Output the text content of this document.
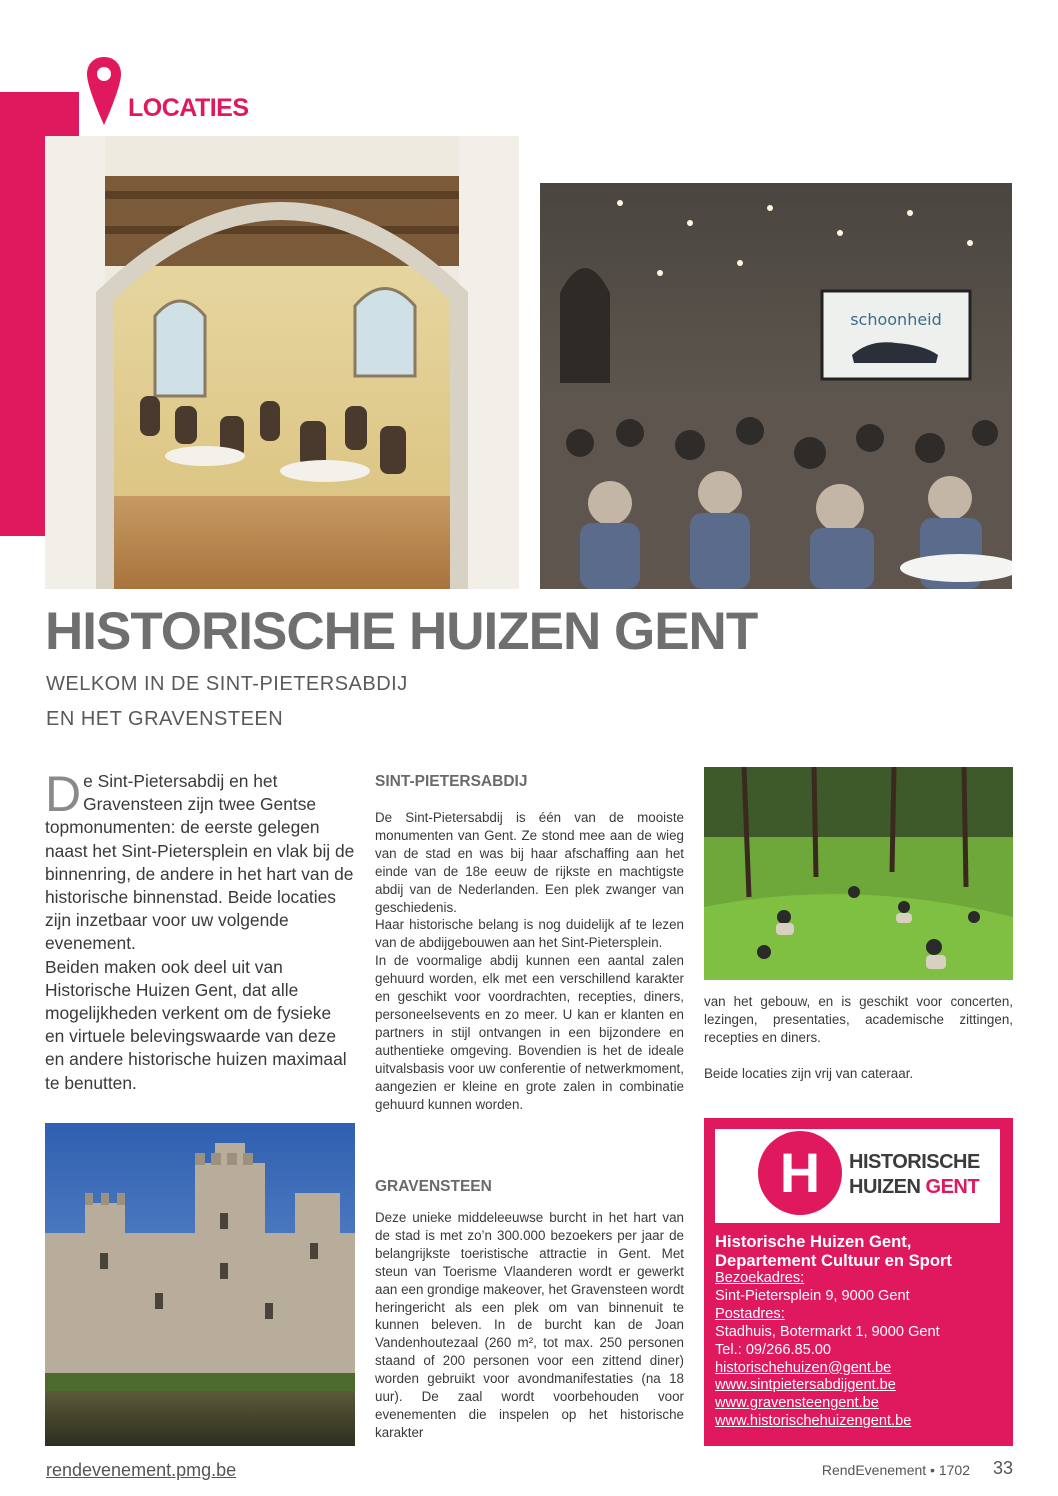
LOCATIES
schoonheid
HISTORISCHE HUIZEN GENT
WELKOM IN DE SINT-PIETERSABDIJ
EN HET GRAVENSTEEN
De Sint-Pietersabdij en het Gravensteen zijn twee Gentse topmonumenten: de eerste gelegen naast het Sint-Pietersplein en vlak bij de binnenring, de andere in het hart van de historische binnenstad. Beide locaties zijn inzetbaar voor uw volgende evenement.
Beiden maken ook deel uit van Historische Huizen Gent, dat alle mogelijkheden verkent om de fysieke en virtuele belevingswaarde van deze en andere historische huizen maximaal te benutten.
SINT-PIETERSABDIJ

De Sint-Pietersabdij is één van de mooiste monumenten van Gent. Ze stond mee aan de wieg van de stad en was bij haar afschaffing aan het einde van de 18e eeuw de rijkste en machtigste abdij van de Nederlanden. Een plek zwanger van geschiedenis.

Haar historische belang is nog duidelijk af te lezen van de abdijgebouwen aan het Sint-Pietersplein.

In de voormalige abdij kunnen een aantal zalen gehuurd worden, elk met een verschillend karakter en geschikt voor voordrachten, recepties, diners, personeelsevents en zo meer. U kan er klanten en partners in stijl ontvangen in een bijzondere en authentieke omgeving. Bovendien is het de ideale uitvalsbasis voor uw conferentie of netwerkmoment, aangezien er kleine en grote zalen in combinatie gehuurd kunnen worden.

GRAVENSTEEN

Deze unieke middeleeuwse burcht in het hart van de stad is met zo’n 300.000 bezoekers per jaar de belangrijkste toeristische attractie in Gent. Met steun van Toerisme Vlaanderen wordt er gewerkt aan een grondige makeover, het Gravensteen wordt heringericht als een plek om van binnenuit te kunnen beleven. In de burcht kan de Joan Vandenhoutezaal (260 m², tot max. 250 personen staand of 200 personen voor een zittend diner) worden gebruikt voor avondmanifestaties (na 18 uur). De zaal wordt voorbehouden voor evenementen die inspelen op het historische karakter

van het gebouw, en is geschikt voor concerten, lezingen, presentaties, academische zittingen, recepties en diners.
Beide locaties zijn vrij van cateraar.
H HISTORISCHE
HUIZEN GENT
Historische Huizen Gent,
Departement Cultuur en Sport
Bezoekadres:
Sint-Pietersplein 9, 9000 Gent
Postadres:
Stadhuis, Botermarkt 1, 9000 Gent
Tel.: 09/266.85.00
historischehuizen@gent.be
www.sintpietersabdijgent.be
www.gravensteengent.be
www.historischehuizengent.be
rendevenement.pmg.be	RendEvenement • 1702 33
